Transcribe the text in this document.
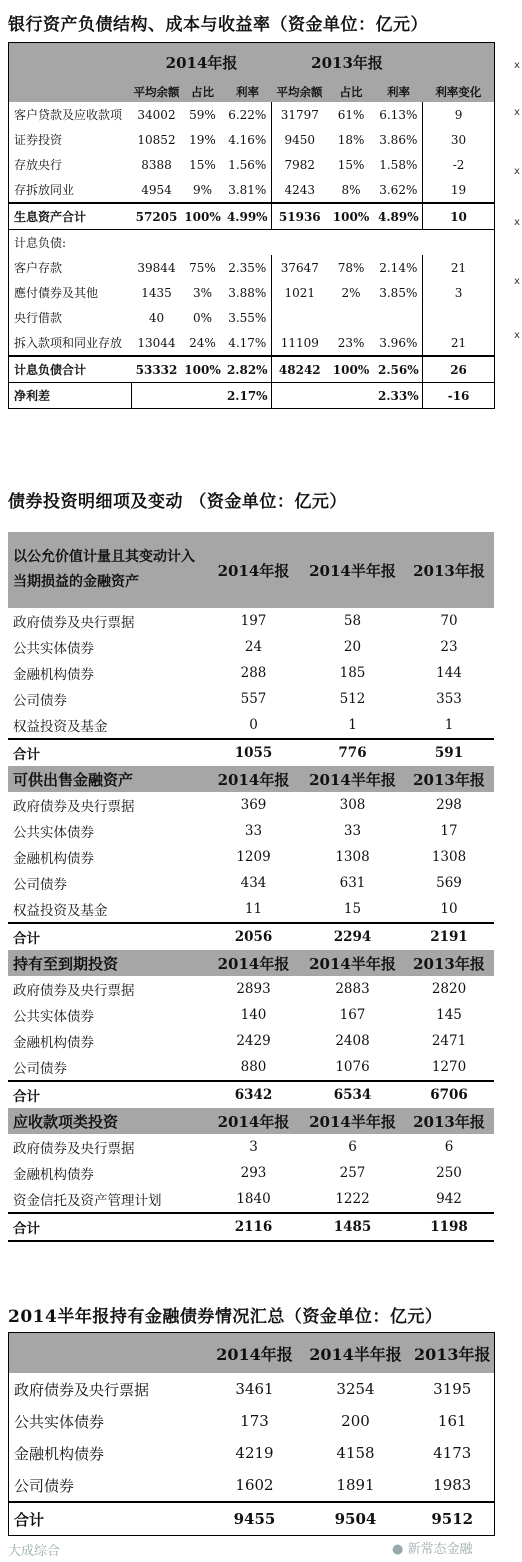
银行资产负债结构、成本与收益率（资金单位：亿元）
	2014年报			2013年报			
	平均余额	占比	利率	平均余额	占比	利率	利率变化
客户贷款及应收款项	34002	59%	6.22%	31797	61%	6.13%	9
证券投资	10852	19%	4.16%	9450	18%	3.86%	30
存放央行	8388	15%	1.56%	7982	15%	1.58%	-2
存拆放同业	4954	9%	3.81%	4243	8%	3.62%	19
生息资产合计	57205	100%	4.99%	51936	100%	4.89%	10
计息负债:							
客户存款	39844	75%	2.35%	37647	78%	2.14%	21
應付債券及其他	1435	3%	3.88%	1021	2%	3.85%	3
央行借款	40	0%	3.55%				
拆入款项和同业存放	13044	24%	4.17%	11109	23%	3.96%	21
计息负债合计	53332	100%	2.82%	48242	100%	2.56%	26
净利差			2.17%			2.33%	-16
债券投资明细项及变动 （资金单位：亿元）
以公允价值计量且其变动计入当期损益的金融资产	2014年报	2014半年报	2013年报
政府债券及央行票据	197	58	70
公共实体债券	24	20	23
金融机构债券	288	185	144
公司债券	557	512	353
权益投资及基金	0	1	1
合计	1055	776	591
可供出售金融资产	2014年报	2014半年报	2013年报
政府债券及央行票据	369	308	298
公共实体债券	33	33	17
金融机构债券	1209	1308	1308
公司债券	434	631	569
权益投资及基金	11	15	10
合计	2056	2294	2191
持有至到期投资	2014年报	2014半年报	2013年报
政府债券及央行票据	2893	2883	2820
公共实体债券	140	167	145
金融机构债券	2429	2408	2471
公司债券	880	1076	1270
合计	6342	6534	6706
应收款项类投资	2014年报	2014半年报	2013年报
政府债券及央行票据	3	6	6
金融机构债券	293	257	250
资金信托及资产管理计划	1840	1222	942
合计	2116	1485	1198
2014半年报持有金融债券情况汇总（资金单位：亿元）
	2014年报	2014半年报	2013年报
政府债券及央行票据	3461	3254	3195
公共实体债券	173	200	161
金融机构债券	4219	4158	4173
公司债券	1602	1891	1983
合计	9455	9504	9512
大成综合	● 新常态金融
x
x
x
x
x
x
